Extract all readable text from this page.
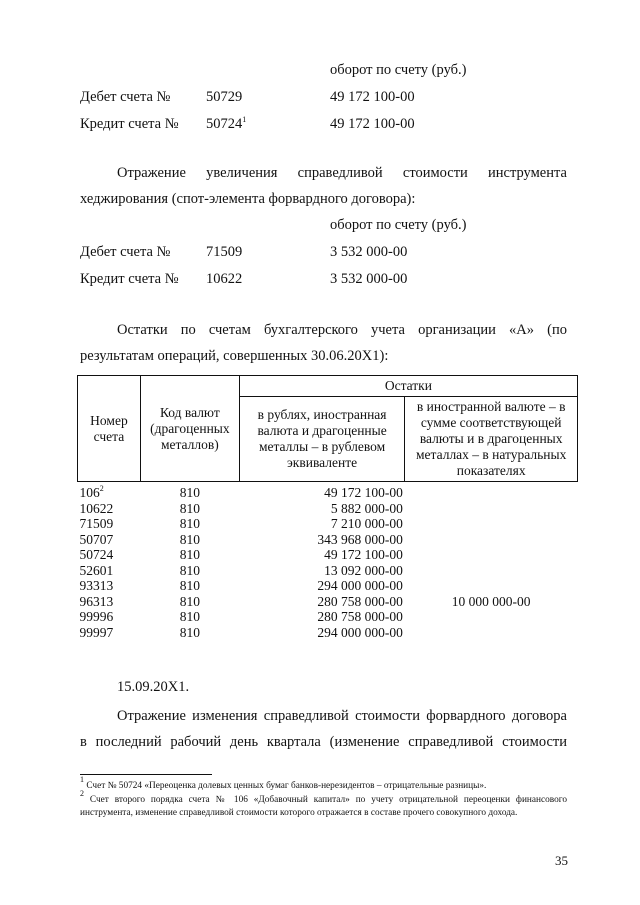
оборот по счету (руб.)
Дебет счета № 50729	49 172 100-00
Кредит счета № 50724$^1$	49 172 100-00
Отражение увеличения справедливой стоимости инструмента
хеджирования (спот-элемента форвардного договора):
оборот по счету (руб.)
Дебет счета № 71509	3 532 000-00
Кредит счета № 10622	3 532 000-00
Остатки по счетам бухгалтерского учета организации «А» (по
результатам операций, совершенных 30.06.20Х1):
Номер счета	Код валют (драгоценных металлов)	Остатки	
		в рублях, иностранная валюта и драгоценные металлы – в рублевом эквиваленте	в иностранной валюте – в сумме соответствующей валюты и в драгоценных металлах – в натуральных показателях
$106^2$	810	49 172 100-00	
10622	810	5 882 000-00	
71509	810	7 210 000-00	
50707	810	343 968 000-00	
50724	810	49 172 100-00	
52601	810	13 092 000-00	
93313	810	294 000 000-00	
96313	810	280 758 000-00	10 000 000-00
99996	810	280 758 000-00	
99997	810	294 000 000-00	
15.09.20Х1.
Отражение изменения справедливой стоимости форвардного договора
в последний рабочий день квартала (изменение справедливой стоимости
$^1$ Счет № 50724 «Переоценка долевых ценных бумаг банков-нерезидентов – отрицательные разницы».
$^2$ Счет второго порядка счета № 106 «Добавочный капитал» по учету отрицательной переоценки финансового инструмента, изменение справедливой стоимости которого отражается в составе прочего совокупного дохода.
35
